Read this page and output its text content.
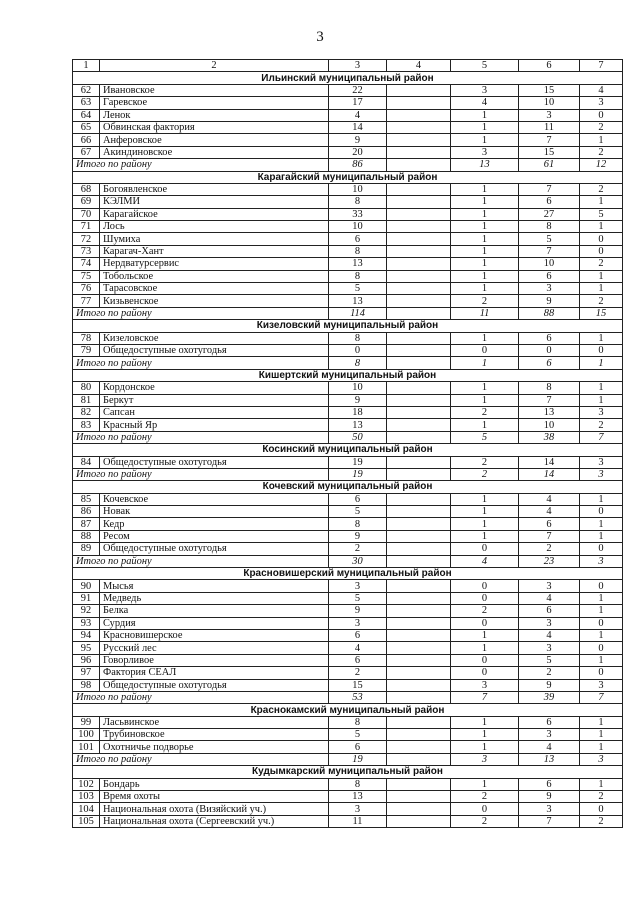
3
1	2	3	4	5	6	7
Ильинский муниципальный район						
62	Ивановское	22		3	15	4
63	Гаревское	17		4	10	3
64	Ленок	4		1	3	0
65	Обвинская фактория	14		1	11	2
66	Анферовское	9		1	7	1
67	Акиндиновское	20		3	15	2
Итого по району		86		13	61	12
Карагайский муниципальный район						
68	Богоявленское	10		1	7	2
69	КЭЛМИ	8		1	6	1
70	Карагайское	33		1	27	5
71	Лось	10		1	8	1
72	Шумиха	6		1	5	0
73	Карагач-Хант	8		1	7	0
74	Нердватурсервис	13		1	10	2
75	Тобольское	8		1	6	1
76	Тарасовское	5		1	3	1
77	Кизьвенское	13		2	9	2
Итого по району		114		11	88	15
Кизеловский муниципальный район						
78	Кизеловское	8		1	6	1
79	Общедоступные охотугодья	0		0	0	0
Итого по району		8		1	6	1
Кишертский муниципальный район						
80	Кордонское	10		1	8	1
81	Беркут	9		1	7	1
82	Сапсан	18		2	13	3
83	Красный Яр	13		1	10	2
Итого по району		50		5	38	7
Косинский муниципальный район						
84	Общедоступные охотугодья	19		2	14	3
Итого по району		19		2	14	3
Кочевский муниципальный район						
85	Кочевское	6		1	4	1
86	Новак	5		1	4	0
87	Кедр	8		1	6	1
88	Ресом	9		1	7	1
89	Общедоступные охотугодья	2		0	2	0
Итого по району		30		4	23	3
Красновишерский муниципальный район						
90	Мысья	3		0	3	0
91	Медведь	5		0	4	1
92	Белка	9		2	6	1
93	Сурдия	3		0	3	0
94	Красновишерское	6		1	4	1
95	Русский лес	4		1	3	0
96	Говорливое	6		0	5	1
97	Фактория СЕАЛ	2		0	2	0
98	Общедоступные охотугодья	15		3	9	3
Итого по району		53		7	39	7
Краснокамский муниципальный район						
99	Ласьвинское	8		1	6	1
100	Трубиновское	5		1	3	1
101	Охотничье подворье	6		1	4	1
Итого по району		19		3	13	3
Кудымкарский муниципальный район						
102	Бондарь	8		1	6	1
103	Время охоты	13		2	9	2
104	Национальная охота (Визяйский уч.)	3		0	3	0
105	Национальная охота (Сергеевский уч.)	11		2	7	2
